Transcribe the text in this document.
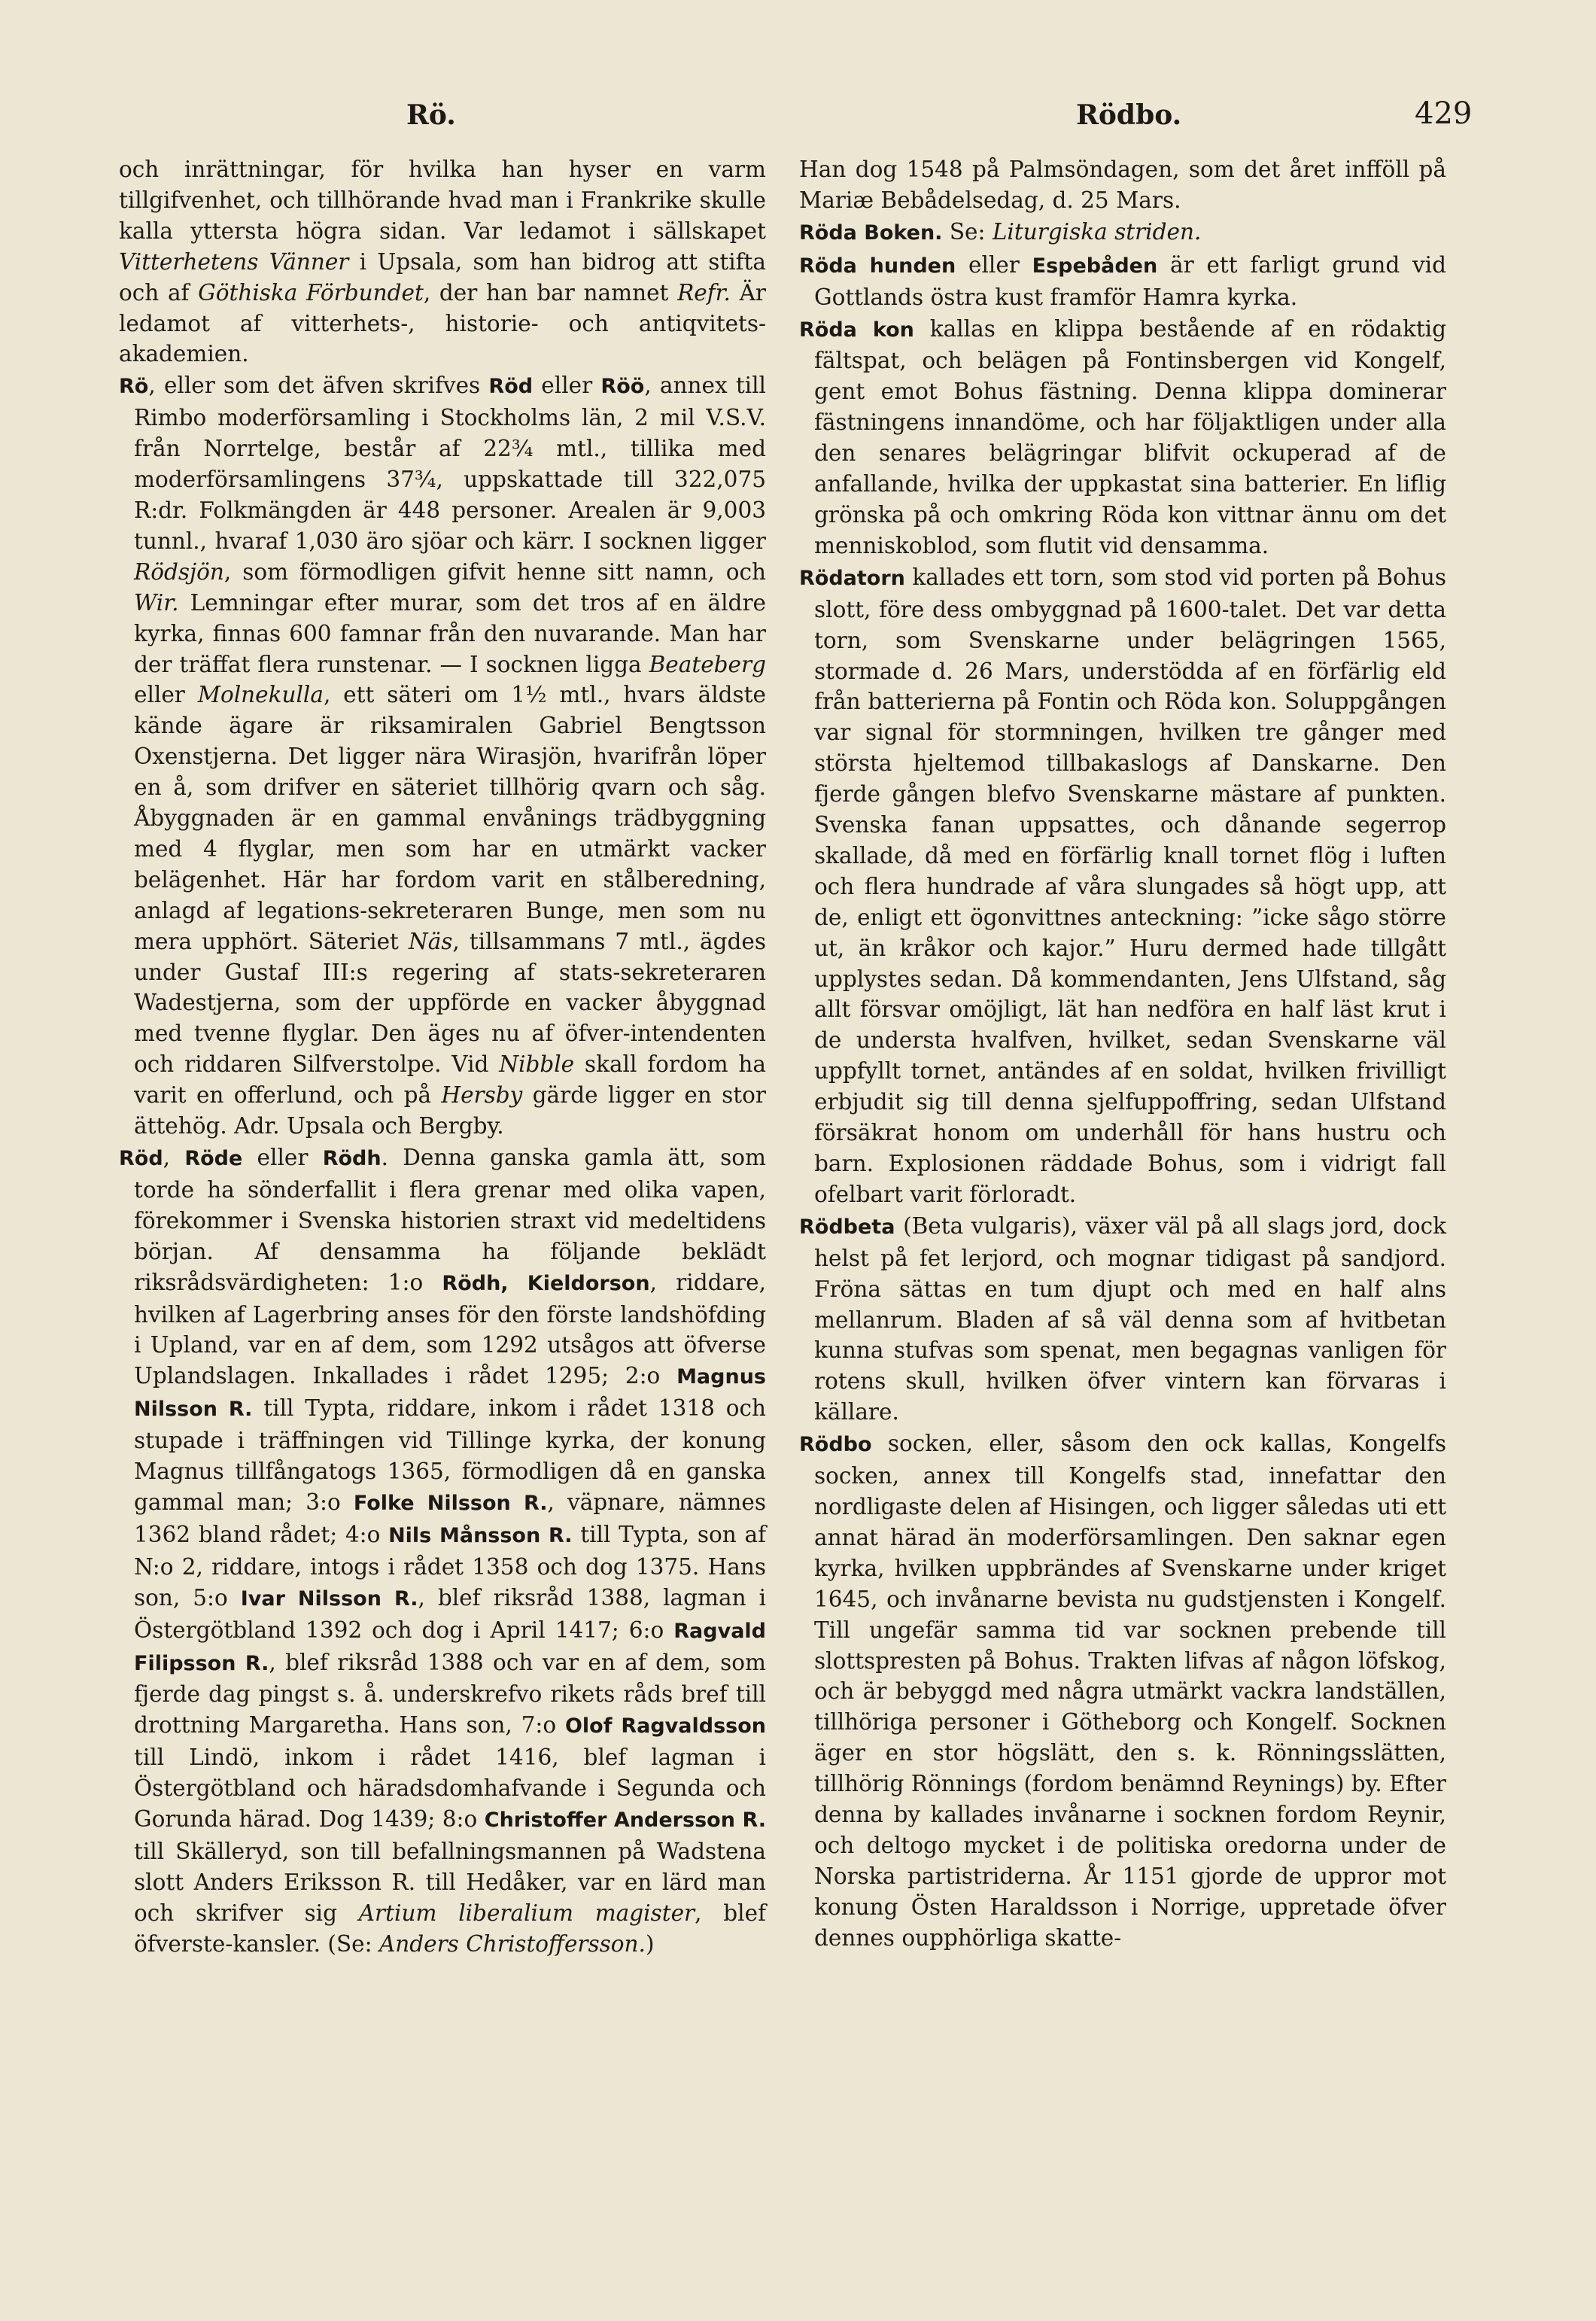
Rö.	Rödbo.	429

och inrättningar, för hvilka han hyser en varm tillgifvenhet, och tillhörande hvad man i Frankrike skulle kalla yttersta högra sidan. Var ledamot i sällskapet Vitterhetens Vänner i Upsala, som han bidrog att stifta och af Göthiska Förbundet, der han bar namnet Refr. Är ledamot af vitterhets-, historie- och antiqvitets-akademien.

Rö, eller som det äfven skrifves Röd eller Röö, annex till Rimbo moderförsamling i Stockholms län, 2 mil V.S.V. från Norrtelge, består af 22¾ mtl., tillika med moderförsamlingens 37¾, uppskattade till 322,075 R:dr. Folkmängden är 448 personer. Arealen är 9,003 tunnl., hvaraf 1,030 äro sjöar och kärr. I socknen ligger Rödsjön, som förmodligen gifvit henne sitt namn, och Wir. Lemningar efter murar, som det tros af en äldre kyrka, finnas 600 famnar från den nuvarande. Man har der träffat flera runstenar. — I socknen ligga Beateberg eller Molnekulla, ett säteri om 1½ mtl., hvars äldste kände ägare är riksamiralen Gabriel Bengtsson Oxenstjerna. Det ligger nära Wirasjön, hvarifrån löper en å, som drifver en säteriet tillhörig qvarn och såg. Åbyggnaden är en gammal envånings trädbyggning med 4 flyglar, men som har en utmärkt vacker belägenhet. Här har fordom varit en stålberedning, anlagd af legations-sekreteraren Bunge, men som nu mera upphört. Säteriet Näs, tillsammans 7 mtl., ägdes under Gustaf III:s regering af stats-sekreteraren Wadestjerna, som der uppförde en vacker åbyggnad med tvenne flyglar. Den äges nu af öfver-intendenten och riddaren Silfverstolpe. Vid Nibble skall fordom ha varit en offerlund, och på Hersby gärde ligger en stor ättehög. Adr. Upsala och Bergby.

Röd, Röde eller Rödh. Denna ganska gamla ätt, som torde ha sönderfallit i flera grenar med olika vapen, förekommer i Svenska historien straxt vid medeltidens början. Af densamma ha följande beklädt riksrådsvärdigheten: 1:o Rödh, Kieldorson, riddare, hvilken af Lagerbring anses för den förste landshöfding i Upland, var en af dem, som 1292 utsågos att öfverse Uplandslagen. Inkallades i rådet 1295; 2:o Magnus Nilsson R. till Typta, riddare, inkom i rådet 1318 och stupade i träffningen vid Tillinge kyrka, der konung Magnus tillfångatogs 1365, förmodligen då en ganska gammal man; 3:o Folke Nilsson R., väpnare, nämnes 1362 bland rådet; 4:o Nils Månsson R. till Typta, son af N:o 2, riddare, intogs i rådet 1358 och dog 1375. Hans son, 5:o Ivar Nilsson R., blef riksråd 1388, lagman i Östergötbland 1392 och dog i April 1417; 6:o Ragvald Filipsson R., blef riksråd 1388 och var en af dem, som fjerde dag pingst s. å. underskrefvo rikets råds bref till drottning Margaretha. Hans son, 7:o Olof Ragvaldsson till Lindö, inkom i rådet 1416, blef lagman i Östergötbland och häradsdomhafvande i Segunda och Gorunda härad. Dog 1439; 8:o Christoffer Andersson R. till Skälleryd, son till befallningsmannen på Wadstena slott Anders Eriksson R. till Hedåker, var en lärd man och skrifver sig Artium liberalium magister, blef öfverste-kansler. (Se: Anders Christoffersson.)

Han dog 1548 på Palmsöndagen, som det året infföll på Mariæ Bebådelsedag, d. 25 Mars.

Röda Boken. Se: Liturgiska striden.

Röda hunden eller Espebåden är ett farligt grund vid Gottlands östra kust framför Hamra kyrka.

Röda kon kallas en klippa bestående af en rödaktig fältspat, och belägen på Fontinsbergen vid Kongelf, gent emot Bohus fästning. Denna klippa dominerar fästningens innandöme, och har följaktligen under alla den senares belägringar blifvit ockuperad af de anfallande, hvilka der uppkastat sina batterier. En liflig grönska på och omkring Röda kon vittnar ännu om det menniskoblod, som flutit vid densamma.

Rödatorn kallades ett torn, som stod vid porten på Bohus slott, före dess ombyggnad på 1600-talet. Det var detta torn, som Svenskarne under belägringen 1565, stormade d. 26 Mars, understödda af en förfärlig eld från batterierna på Fontin och Röda kon. Soluppgången var signal för stormningen, hvilken tre gånger med största hjeltemod tillbakaslogs af Danskarne. Den fjerde gången blefvo Svenskarne mästare af punkten. Svenska fanan uppsattes, och dånande segerrop skallade, då med en förfärlig knall tornet flög i luften och flera hundrade af våra slungades så högt upp, att de, enligt ett ögonvittnes anteckning: ”icke sågo större ut, än kråkor och kajor.” Huru dermed hade tillgått upplystes sedan. Då kommendanten, Jens Ulfstand, såg allt försvar omöjligt, lät han nedföra en half läst krut i de understa hvalfven, hvilket, sedan Svenskarne väl uppfyllt tornet, antändes af en soldat, hvilken frivilligt erbjudit sig till denna sjelfuppoffring, sedan Ulfstand försäkrat honom om underhåll för hans hustru och barn. Explosionen räddade Bohus, som i vidrigt fall ofelbart varit förloradt.

Rödbeta (Beta vulgaris), växer väl på all slags jord, dock helst på fet lerjord, och mognar tidigast på sandjord. Fröna sättas en tum djupt och med en half alns mellanrum. Bladen af så väl denna som af hvitbetan kunna stufvas som spenat, men begagnas vanligen för rotens skull, hvilken öfver vintern kan förvaras i källare.

Rödbo socken, eller, såsom den ock kallas, Kongelfs socken, annex till Kongelfs stad, innefattar den nordligaste delen af Hisingen, och ligger såledas uti ett annat härad än moderförsamlingen. Den saknar egen kyrka, hvilken uppbrändes af Svenskarne under kriget 1645, och invånarne bevista nu gudstjensten i Kongelf. Till ungefär samma tid var socknen prebende till slottspresten på Bohus. Trakten lifvas af någon löfskog, och är bebyggd med några utmärkt vackra landställen, tillhöriga personer i Götheborg och Kongelf. Socknen äger en stor högslätt, den s. k. Rönningsslätten, tillhörig Rönnings (fordom benämnd Reynings) by. Efter denna by kallades invånarne i socknen fordom Reynir, och deltogo mycket i de politiska oredorna under de Norska partistriderna. År 1151 gjorde de uppror mot konung Östen Haraldsson i Norrige, uppretade öfver dennes oupphörliga skatte-
